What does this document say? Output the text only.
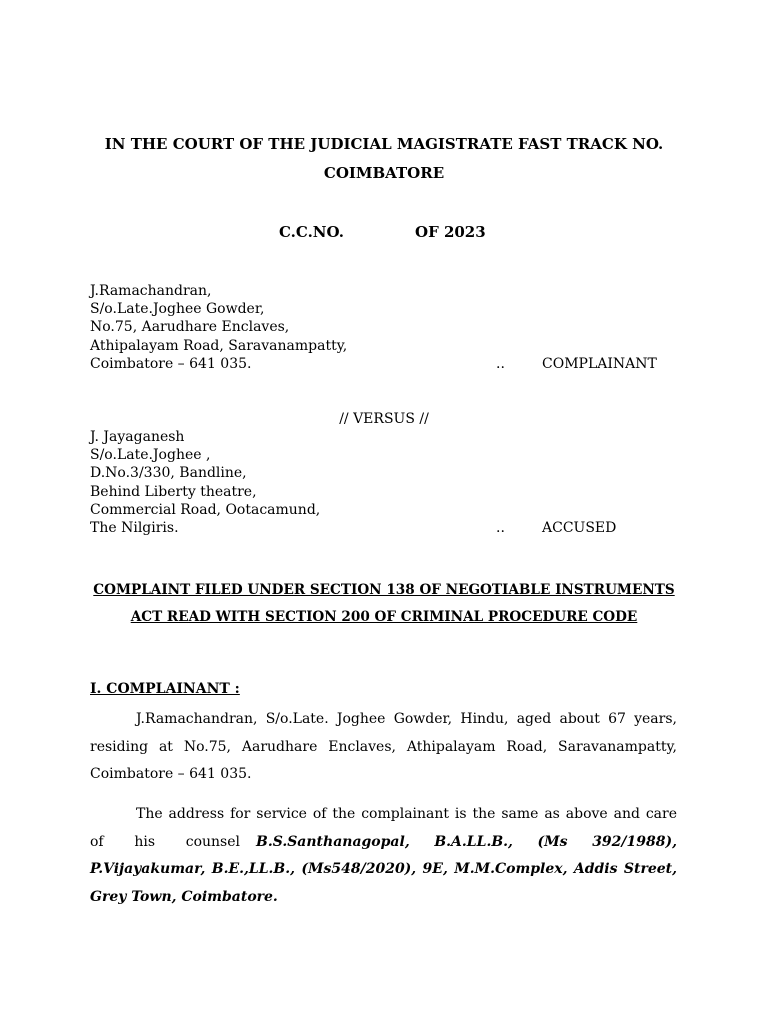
IN THE COURT OF THE JUDICIAL MAGISTRATE FAST TRACK NO.
COIMBATORE
C.C.NO.	OF 2023
J.Ramachandran,
S/o.Late.Joghee Gowder,
No.75, Aarudhare Enclaves,
Athipalayam Road, Saravanampatty,
Coimbatore – 641 035.	..	COMPLAINANT
// VERSUS //
J. Jayaganesh
S/o.Late.Joghee ,
D.No.3/330, Bandline,
Behind Liberty theatre,
Commercial Road, Ootacamund,
The Nilgiris.	..	ACCUSED
COMPLAINT FILED UNDER SECTION 138 OF NEGOTIABLE INSTRUMENTS
ACT READ WITH SECTION 200 OF CRIMINAL PROCEDURE CODE
I. COMPLAINANT :
J.Ramachandran, S/o.Late. Joghee Gowder, Hindu, aged about 67 years,
residing at No.75, Aarudhare Enclaves, Athipalayam Road, Saravanampatty,
Coimbatore – 641 035.
The address for service of the complainant is the same as above and care
of his counsel B.S.Santhanagopal, B.A.LL.B., (Ms 392/1988),
P.Vijayakumar, B.E.,LL.B., (Ms548/2020), 9E, M.M.Complex, Addis Street,
Grey Town, Coimbatore.
